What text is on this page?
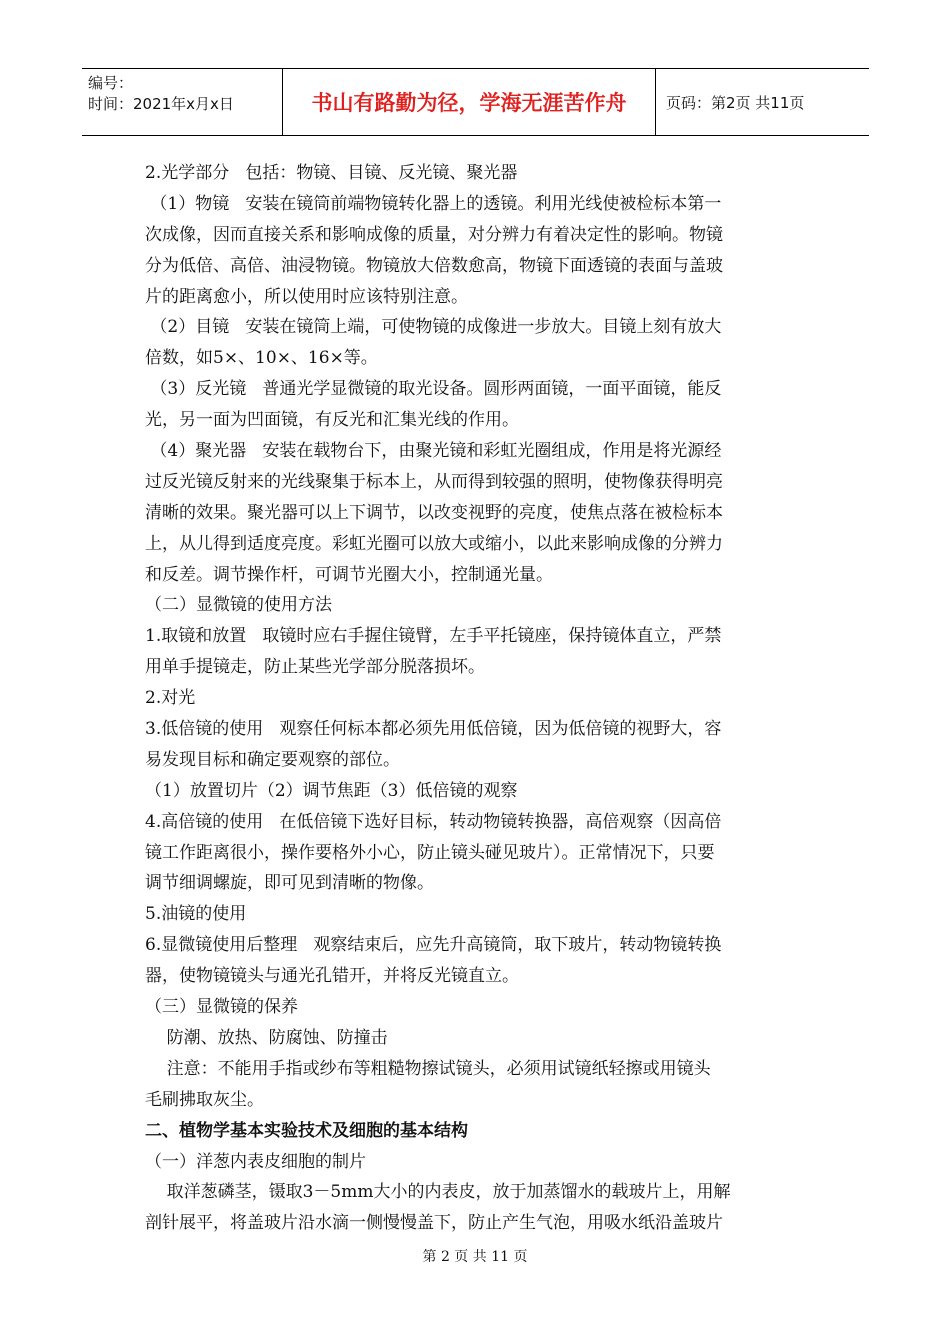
编号：
时间：2021年x月x日	书山有路勤为径，学海无涯苦作舟	页码：第2页 共11页
2.光学部分   包括：物镜、目镜、反光镜、聚光器
（1）物镜   安装在镜筒前端物镜转化器上的透镜。利用光线使被检标本第一
次成像，因而直接关系和影响成像的质量，对分辨力有着决定性的影响。物镜
分为低倍、高倍、油浸物镜。物镜放大倍数愈高，物镜下面透镜的表面与盖玻
片的距离愈小，所以使用时应该特别注意。
（2）目镜   安装在镜筒上端，可使物镜的成像进一步放大。目镜上刻有放大
倍数，如5×、10×、16×等。
（3）反光镜   普通光学显微镜的取光设备。圆形两面镜，一面平面镜，能反
光，另一面为凹面镜，有反光和汇集光线的作用。
（4）聚光器   安装在载物台下，由聚光镜和彩虹光圈组成，作用是将光源经
过反光镜反射来的光线聚集于标本上，从而得到较强的照明，使物像获得明亮
清晰的效果。聚光器可以上下调节，以改变视野的亮度，使焦点落在被检标本
上，从儿得到适度亮度。彩虹光圈可以放大或缩小，以此来影响成像的分辨力
和反差。调节操作杆，可调节光圈大小，控制通光量。
（二）显微镜的使用方法
1.取镜和放置   取镜时应右手握住镜臂，左手平托镜座，保持镜体直立，严禁
用单手提镜走，防止某些光学部分脱落损坏。
2.对光
3.低倍镜的使用   观察任何标本都必须先用低倍镜，因为低倍镜的视野大，容
易发现目标和确定要观察的部位。
（1）放置切片（2）调节焦距（3）低倍镜的观察
4.高倍镜的使用   在低倍镜下选好目标，转动物镜转换器，高倍观察（因高倍
镜工作距离很小，操作要格外小心，防止镜头碰见玻片）。正常情况下，只要
调节细调螺旋，即可见到清晰的物像。
5.油镜的使用
6.显微镜使用后整理   观察结束后，应先升高镜筒，取下玻片，转动物镜转换
器，使物镜镜头与通光孔错开，并将反光镜直立。
（三）显微镜的保养
防潮、放热、防腐蚀、防撞击
注意：不能用手指或纱布等粗糙物擦试镜头，必须用试镜纸轻擦或用镜头
毛刷拂取灰尘。
二、植物学基本实验技术及细胞的基本结构
（一）洋葱内表皮细胞的制片
取洋葱磷茎，镊取3－5mm大小的内表皮，放于加蒸馏水的载玻片上，用解
剖针展平，将盖玻片沿水滴一侧慢慢盖下，防止产生气泡，用吸水纸沿盖玻片
第 2 页 共 11 页
